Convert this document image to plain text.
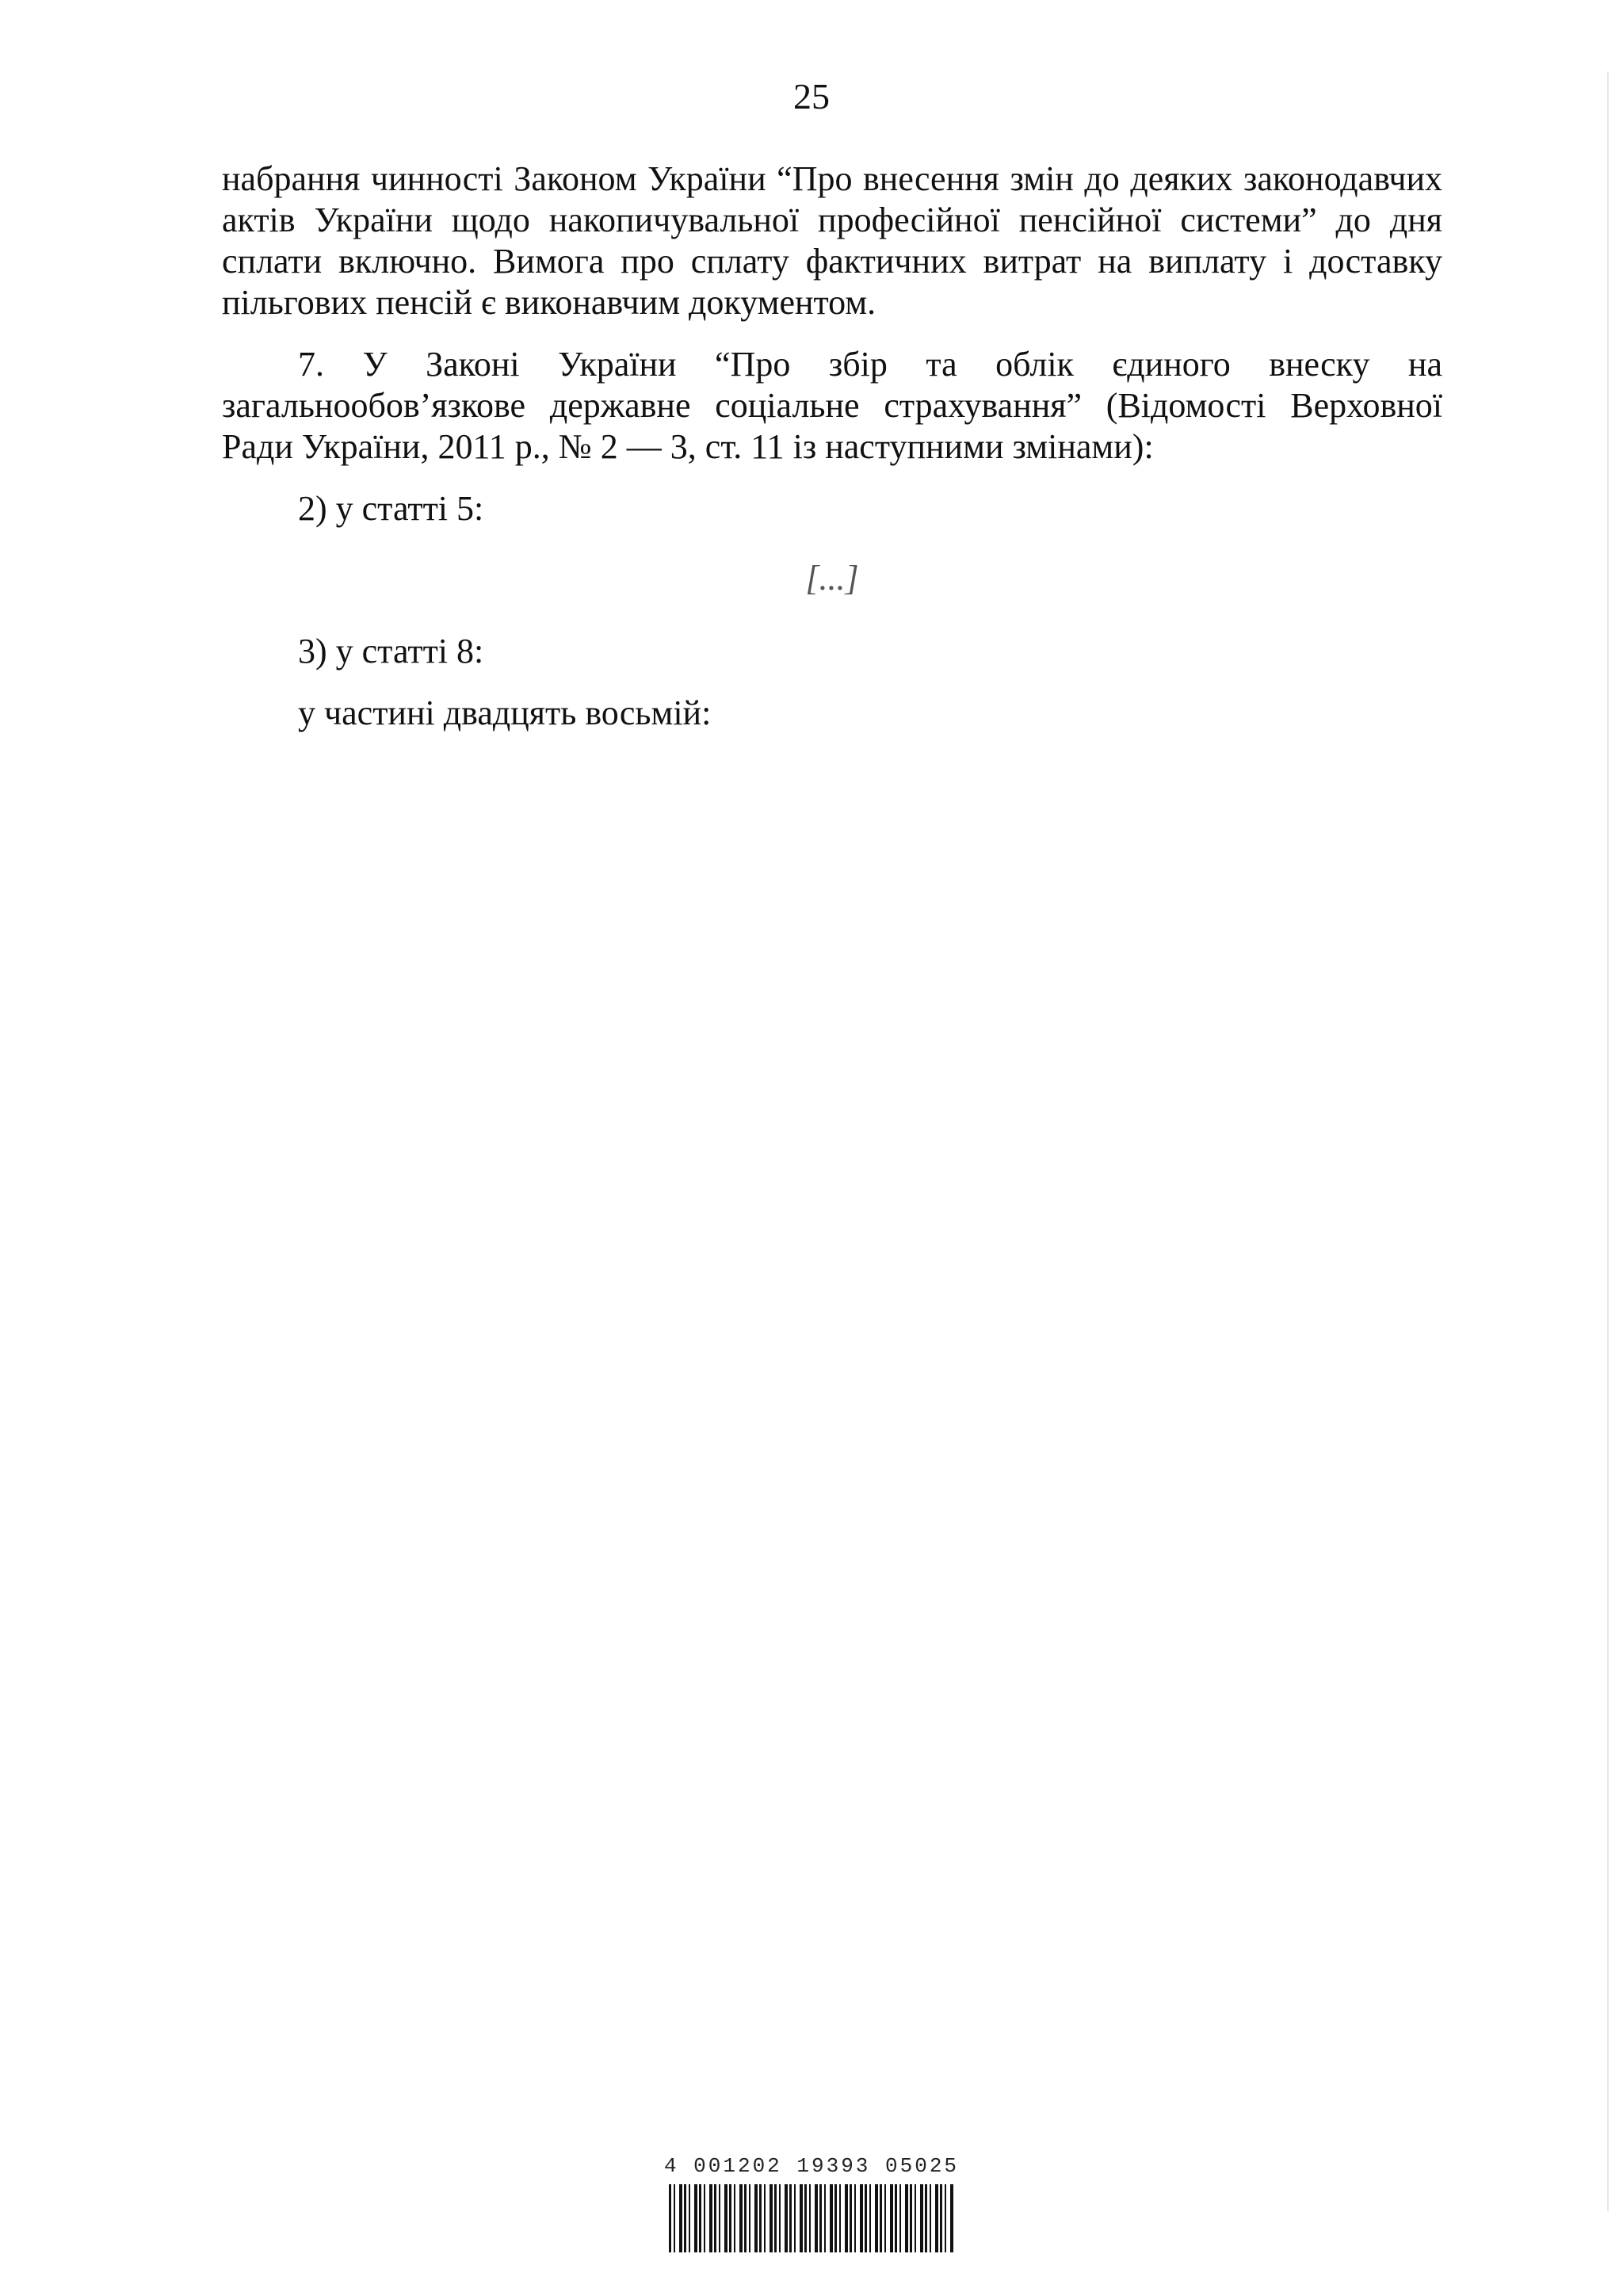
25

набрання чинності Законом України “Про внесення змін до деяких законодавчих актів України щодо накопичувальної професійної пенсійної системи” до дня сплати включно. Вимога про сплату фактичних витрат на виплату і доставку пільгових пенсій є виконавчим документом.

7. У Законі України “Про збір та облік єдиного внеску на загальнообов’язкове державне соціальне страхування” (Відомості Верховної Ради України, 2011 р., № 2 — 3, ст. 11 із наступними змінами):

2) у статті 5:

[...]

3) у статті 8:

у частині двадцять восьмій:

4 001202 19393 05025
